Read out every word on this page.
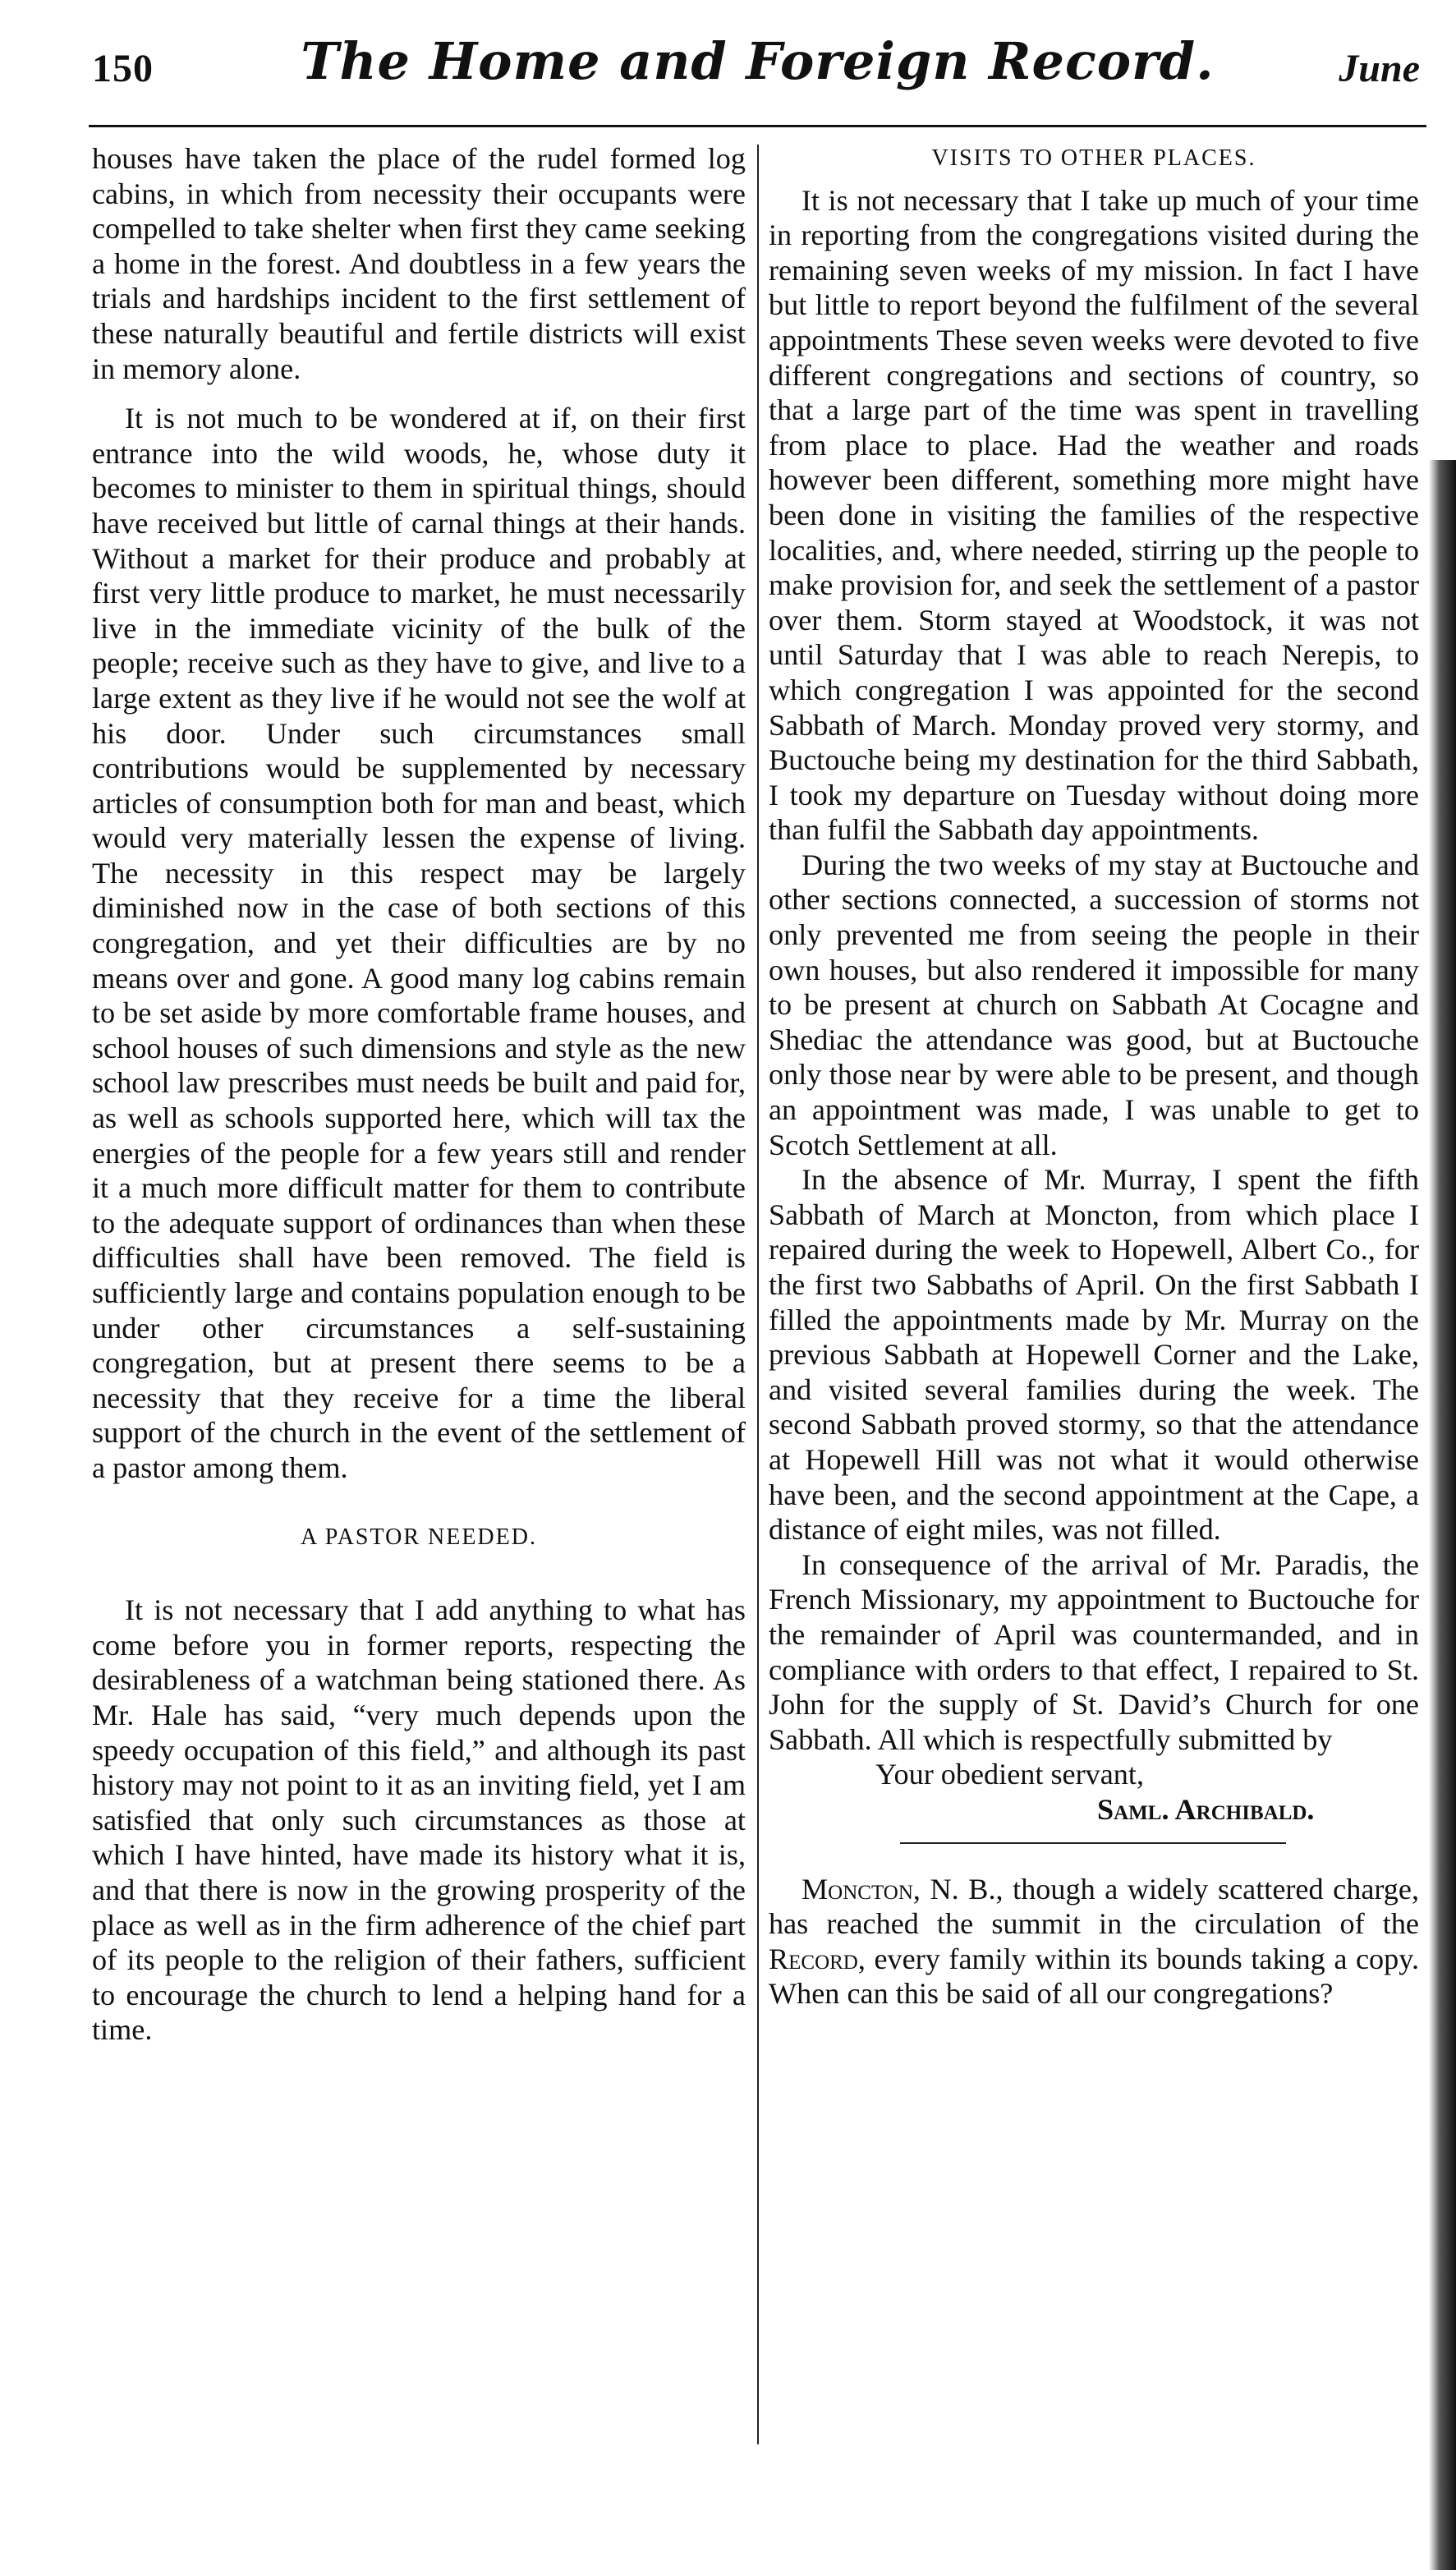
150	The Home and Foreign Record.	June

houses have taken the place of the rudel formed log cabins, in which from necessity their occupants were compelled to take shelter when first they came seeking a home in the forest. And doubtless in a few years the trials and hardships incident to the first settlement of these naturally beautiful and fertile districts will exist in memory alone.

It is not much to be wondered at if, on their first entrance into the wild woods, he, whose duty it becomes to minister to them in spiritual things, should have received but little of carnal things at their hands. Without a market for their produce and probably at first very little produce to market, he must necessarily live in the immediate vicinity of the bulk of the people; receive such as they have to give, and live to a large extent as they live if he would not see the wolf at his door. Under such circumstances small contributions would be supplemented by necessary articles of consumption both for man and beast, which would very materially lessen the expense of living. The necessity in this respect may be largely diminished now in the case of both sections of this congregation, and yet their difficulties are by no means over and gone. A good many log cabins remain to be set aside by more comfortable frame houses, and school houses of such dimensions and style as the new school law prescribes must needs be built and paid for, as well as schools supported here, which will tax the energies of the people for a few years still and render it a much more difficult matter for them to contribute to the adequate support of ordinances than when these difficulties shall have been removed. The field is sufficiently large and contains population enough to be under other circumstances a self-sustaining congregation, but at present there seems to be a necessity that they receive for a time the liberal support of the church in the event of the settlement of a pastor among them.

A PASTOR NEEDED.

It is not necessary that I add anything to what has come before you in former reports, respecting the desirableness of a watchman being stationed there. As Mr. Hale has said, “very much depends upon the speedy occupation of this field,” and although its past history may not point to it as an inviting field, yet I am satisfied that only such circumstances as those at which I have hinted, have made its history what it is, and that there is now in the growing prosperity of the place as well as in the firm adherence of the chief part of its people to the religion of their fathers, sufficient to encourage the church to lend a helping hand for a time.

VISITS TO OTHER PLACES.

It is not necessary that I take up much of your time in reporting from the congregations visited during the remaining seven weeks of my mission. In fact I have but little to report beyond the fulfilment of the several appointments These seven weeks were devoted to five different congregations and sections of country, so that a large part of the time was spent in travelling from place to place. Had the weather and roads however been different, something more might have been done in visiting the families of the respective localities, and, where needed, stirring up the people to make provision for, and seek the settlement of a pastor over them. Storm stayed at Woodstock, it was not until Saturday that I was able to reach Nerepis, to which congregation I was appointed for the second Sabbath of March. Monday proved very stormy, and Buctouche being my destination for the third Sabbath, I took my departure on Tuesday without doing more than fulfil the Sabbath day appointments.

During the two weeks of my stay at Buctouche and other sections connected, a succession of storms not only prevented me from seeing the people in their own houses, but also rendered it impossible for many to be present at church on Sabbath At Cocagne and Shediac the attendance was good, but at Buctouche only those near by were able to be present, and though an appointment was made, I was unable to get to Scotch Settlement at all.

In the absence of Mr. Murray, I spent the fifth Sabbath of March at Moncton, from which place I repaired during the week to Hopewell, Albert Co., for the first two Sabbaths of April. On the first Sabbath I filled the appointments made by Mr. Murray on the previous Sabbath at Hopewell Corner and the Lake, and visited several families during the week. The second Sabbath proved stormy, so that the attendance at Hopewell Hill was not what it would otherwise have been, and the second appointment at the Cape, a distance of eight miles, was not filled.

In consequence of the arrival of Mr. Paradis, the French Missionary, my appointment to Buctouche for the remainder of April was countermanded, and in compliance with orders to that effect, I repaired to St. John for the supply of St. David’s Church for one Sabbath. All which is respectfully submitted by

Your obedient servant,

Saml. Archibald.

Moncton, N. B., though a widely scattered charge, has reached the summit in the circulation of the Record, every family within its bounds taking a copy. When can this be said of all our congregations?
